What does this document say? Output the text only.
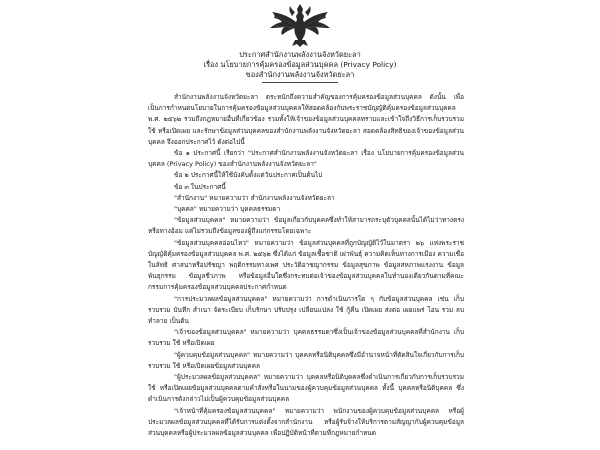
ประกาศสำนักงานพลังงานจังหวัดยะลา
เรื่อง นโยบายการคุ้มครองข้อมูลส่วนบุคคล (Privacy Policy)
ของสำนักงานพลังงานจังหวัดยะลา

สำนักงานพลังงานจังหวัดยะลา ตระหนักถึงความสำคัญของการคุ้มครองข้อมูลส่วนบุคคล ดังนั้น เพื่อเป็นการกำหนดนโยบายในการคุ้มครองข้อมูลส่วนบุคคลให้สอดคล้องกับพระราชบัญญัติคุ้มครองข้อมูลส่วนบุคคล พ.ศ. ๒๕๖๒ รวมถึงกฎหมายอื่นที่เกี่ยวข้อง รวมทั้งให้เจ้าของข้อมูลส่วนบุคคลทราบและเข้าใจถึงวิธีการเก็บรวบรวม ใช้ หรือเปิดเผย และรักษาข้อมูลส่วนบุคคลของสำนักงานพลังงานจังหวัดยะลา สอดคล้องสิทธิของเจ้าของข้อมูลส่วนบุคคล จึงออกประกาศไว้ ดังต่อไปนี้

ข้อ ๑ ประกาศนี้ เรียกว่า "ประกาศสำนักงานพลังงานจังหวัดยะลา เรื่อง นโยบายการคุ้มครองข้อมูลส่วนบุคคล (Privacy Policy) ของสำนักงานพลังงานจังหวัดยะลา"

ข้อ ๒ ประกาศนี้ให้ใช้บังคับตั้งแต่วันประกาศเป็นต้นไป

ข้อ ๓ ในประกาศนี้

"สำนักงาน" หมายความว่า สำนักงานพลังงานจังหวัดยะลา

"บุคคล" หมายความว่า บุคคลธรรมดา

"ข้อมูลส่วนบุคคล" หมายความว่า ข้อมูลเกี่ยวกับบุคคลซึ่งทำให้สามารถระบุตัวบุคคลนั้นได้ไม่ว่าทางตรงหรือทางอ้อม แต่ไม่รวมถึงข้อมูลของผู้ถึงแก่กรรมโดยเฉพาะ

"ข้อมูลส่วนบุคคลอ่อนไหว" หมายความว่า ข้อมูลส่วนบุคคลที่ถูกบัญญัติไว้ในมาตรา ๒๖ แห่งพระราชบัญญัติคุ้มครองข้อมูลส่วนบุคคล พ.ศ. ๒๕๖๒ ซึ่งได้แก่ ข้อมูลเชื้อชาติ เผ่าพันธุ์ ความคิดเห็นทางการเมือง ความเชื่อในลัทธิ ศาสนาหรือปรัชญา พฤติกรรมทางเพศ ประวัติอาชญากรรม ข้อมูลสุขภาพ ข้อมูลสหภาพแรงงาน ข้อมูลพันธุกรรม ข้อมูลชีวภาพ หรือข้อมูลอื่นใดซึ่งกระทบต่อเจ้าของข้อมูลส่วนบุคคลในทำนองเดียวกันตามที่คณะกรรมการคุ้มครองข้อมูลส่วนบุคคลประกาศกำหนด

"การประมวลผลข้อมูลส่วนบุคคล" หมายความว่า การดำเนินการใด ๆ กับข้อมูลส่วนบุคคล เช่น เก็บรวบรวม บันทึก สำเนา จัดระเบียบ เก็บรักษา ปรับปรุง เปลี่ยนแปลง ใช้ กู้คืน เปิดเผย ส่งต่อ เผยแพร่ โอน รวม ลบ ทำลาย เป็นต้น

"เจ้าของข้อมูลส่วนบุคคล" หมายความว่า บุคคลธรรมดาซึ่งเป็นเจ้าของข้อมูลส่วนบุคคลที่สำนักงาน เก็บรวบรวม ใช้ หรือเปิดเผย

"ผู้ควบคุมข้อมูลส่วนบุคคล" หมายความว่า บุคคลหรือนิติบุคคลซึ่งมีอำนาจหน้าที่ตัดสินใจเกี่ยวกับการเก็บ รวบรวม ใช้ หรือเปิดเผยข้อมูลส่วนบุคคล

"ผู้ประมวลผลข้อมูลส่วนบุคคล" หมายความว่า บุคคลหรือนิติบุคคลซึ่งดำเนินการเกี่ยวกับการเก็บรวบรวม ใช้ หรือเปิดเผยข้อมูลส่วนบุคคลตามคำสั่งหรือในนามของผู้ควบคุมข้อมูลส่วนบุคคล ทั้งนี้ บุคคลหรือนิติบุคคล ซึ่งดำเนินการดังกล่าวไม่เป็นผู้ควบคุมข้อมูลส่วนบุคคล

"เจ้าหน้าที่คุ้มครองข้อมูลส่วนบุคคล" หมายความว่า พนักงานของผู้ควบคุมข้อมูลส่วนบุคคล หรือผู้ประมวลผลข้อมูลส่วนบุคคลที่ได้รับการแต่งตั้งจากสำนักงาน หรือผู้รับจ้างให้บริการตามสัญญากับผู้ควบคุมข้อมูลส่วนบุคคลหรือผู้ประมวลผลข้อมูลส่วนบุคคล เพื่อปฏิบัติหน้าที่ตามที่กฎหมายกำหนด
